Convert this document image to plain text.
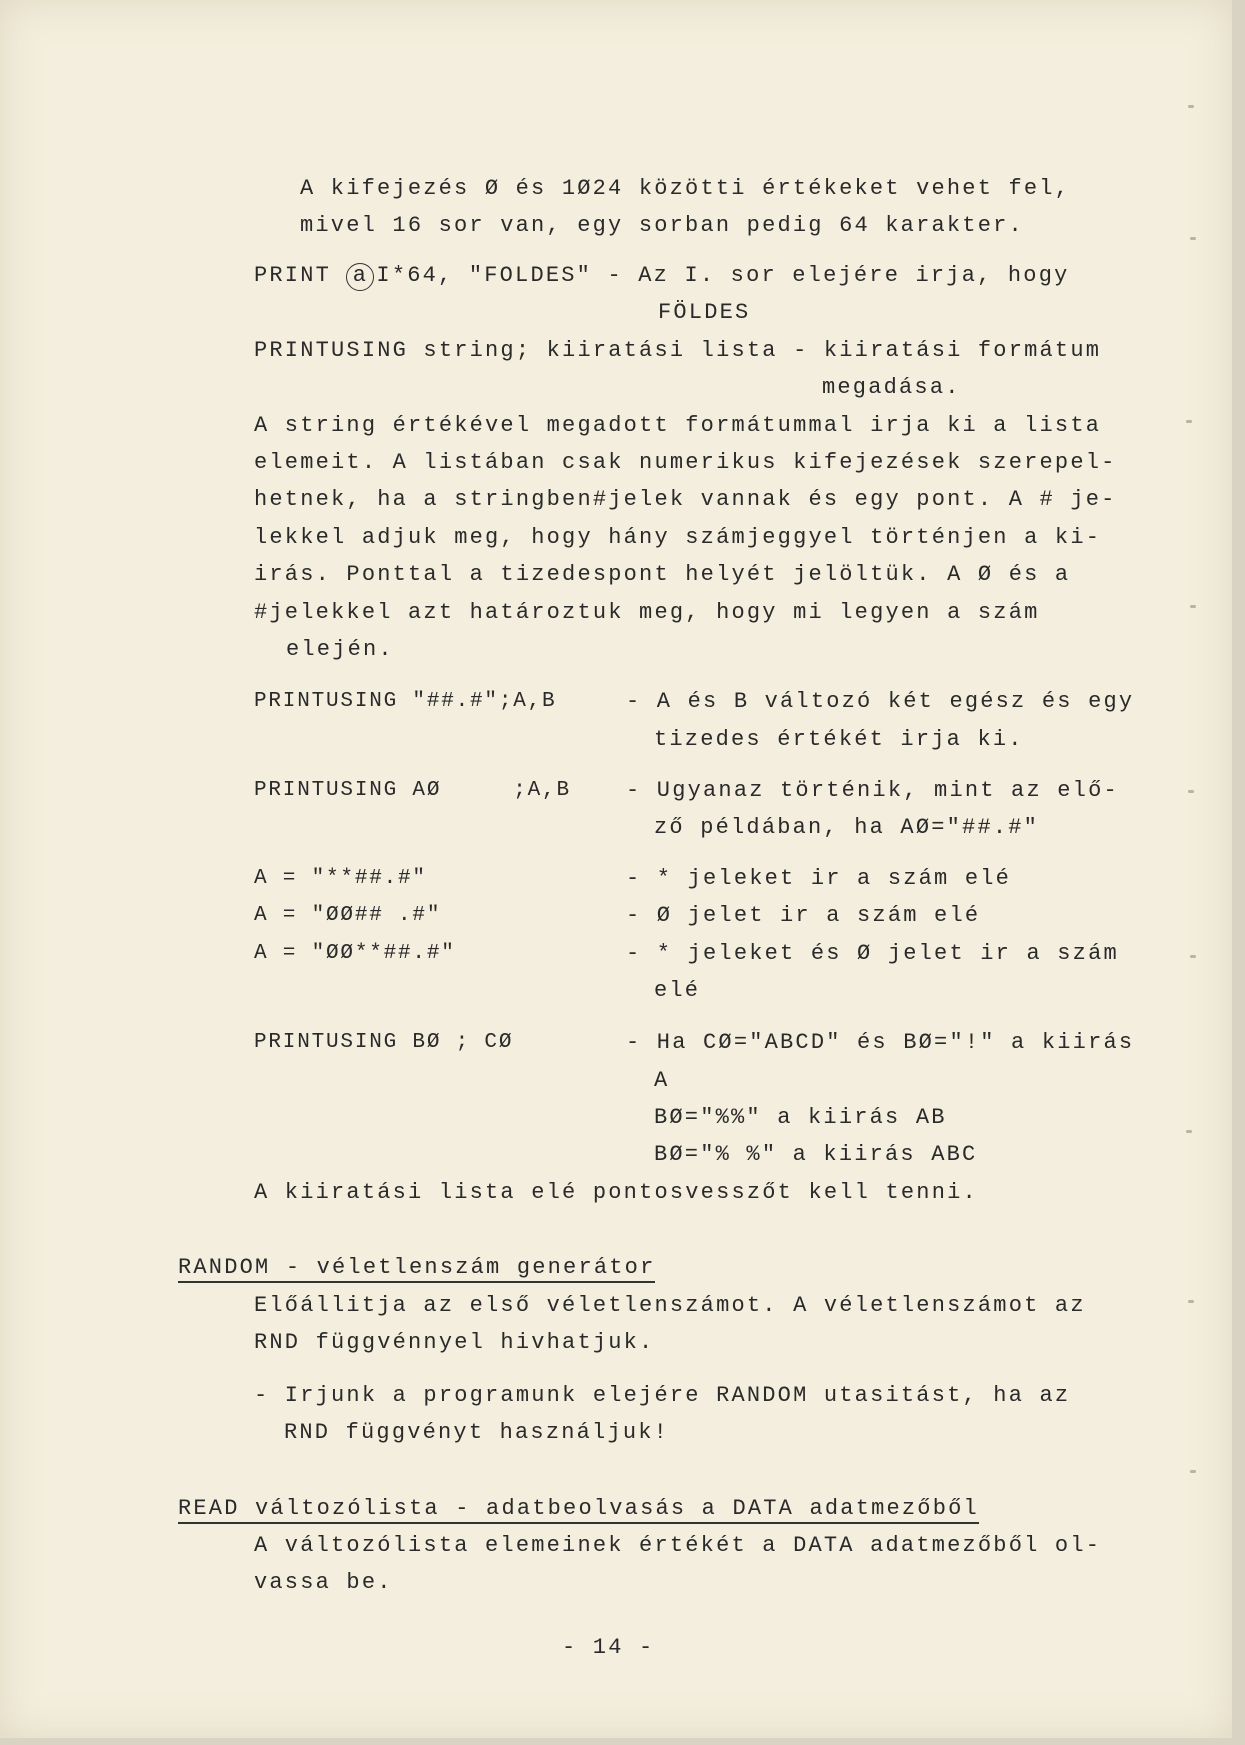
A kifejezés Ø és 1Ø24 közötti értékeket vehet fel,
mivel 16 sor van, egy sorban pedig 64 karakter.
PRINT a I*64, "FOLDES" - Az I. sor elejére irja, hogy
FÖLDES
PRINTUSING string; kiiratási lista - kiiratási formátum
megadása.
A string értékével megadott formátummal irja ki a lista
elemeit. A listában csak numerikus kifejezések szerepel-
hetnek, ha a stringben#jelek vannak és egy pont. A # je-
lekkel adjuk meg, hogy hány számjeggyel történjen a ki-
irás. Ponttal a tizedespont helyét jelöltük. A Ø és a
#jelekkel azt határoztuk meg, hogy mi legyen a szám
elején.
PRINTUSING "##.#";A,B	- A és B változó két egész és egy
tizedes értékét irja ki.
PRINTUSING AØ     ;A,B	- Ugyanaz történik, mint az elő-
ző példában, ha AØ="##.#"
A = "**##.#"	- * jeleket ir a szám elé
A = "ØØ## .#"	- Ø jelet ir a szám elé
A = "ØØ**##.#"	- * jeleket és Ø jelet ir a szám
elé
PRINTUSING BØ ; CØ	- Ha CØ="ABCD" és BØ="!" a kiirás
A
BØ="%%" a kiirás AB
BØ="% %" a kiirás ABC
A kiiratási lista elé pontosvesszőt kell tenni.
RANDOM - véletlenszám generátor
Előállitja az első véletlenszámot. A véletlenszámot az
RND függvénnyel hivhatjuk.
- Irjunk a programunk elejére RANDOM utasitást, ha az
RND függvényt használjuk!
READ változólista - adatbeolvasás a DATA adatmezőből
A változólista elemeinek értékét a DATA adatmezőből ol-
vassa be.
- 14 -
